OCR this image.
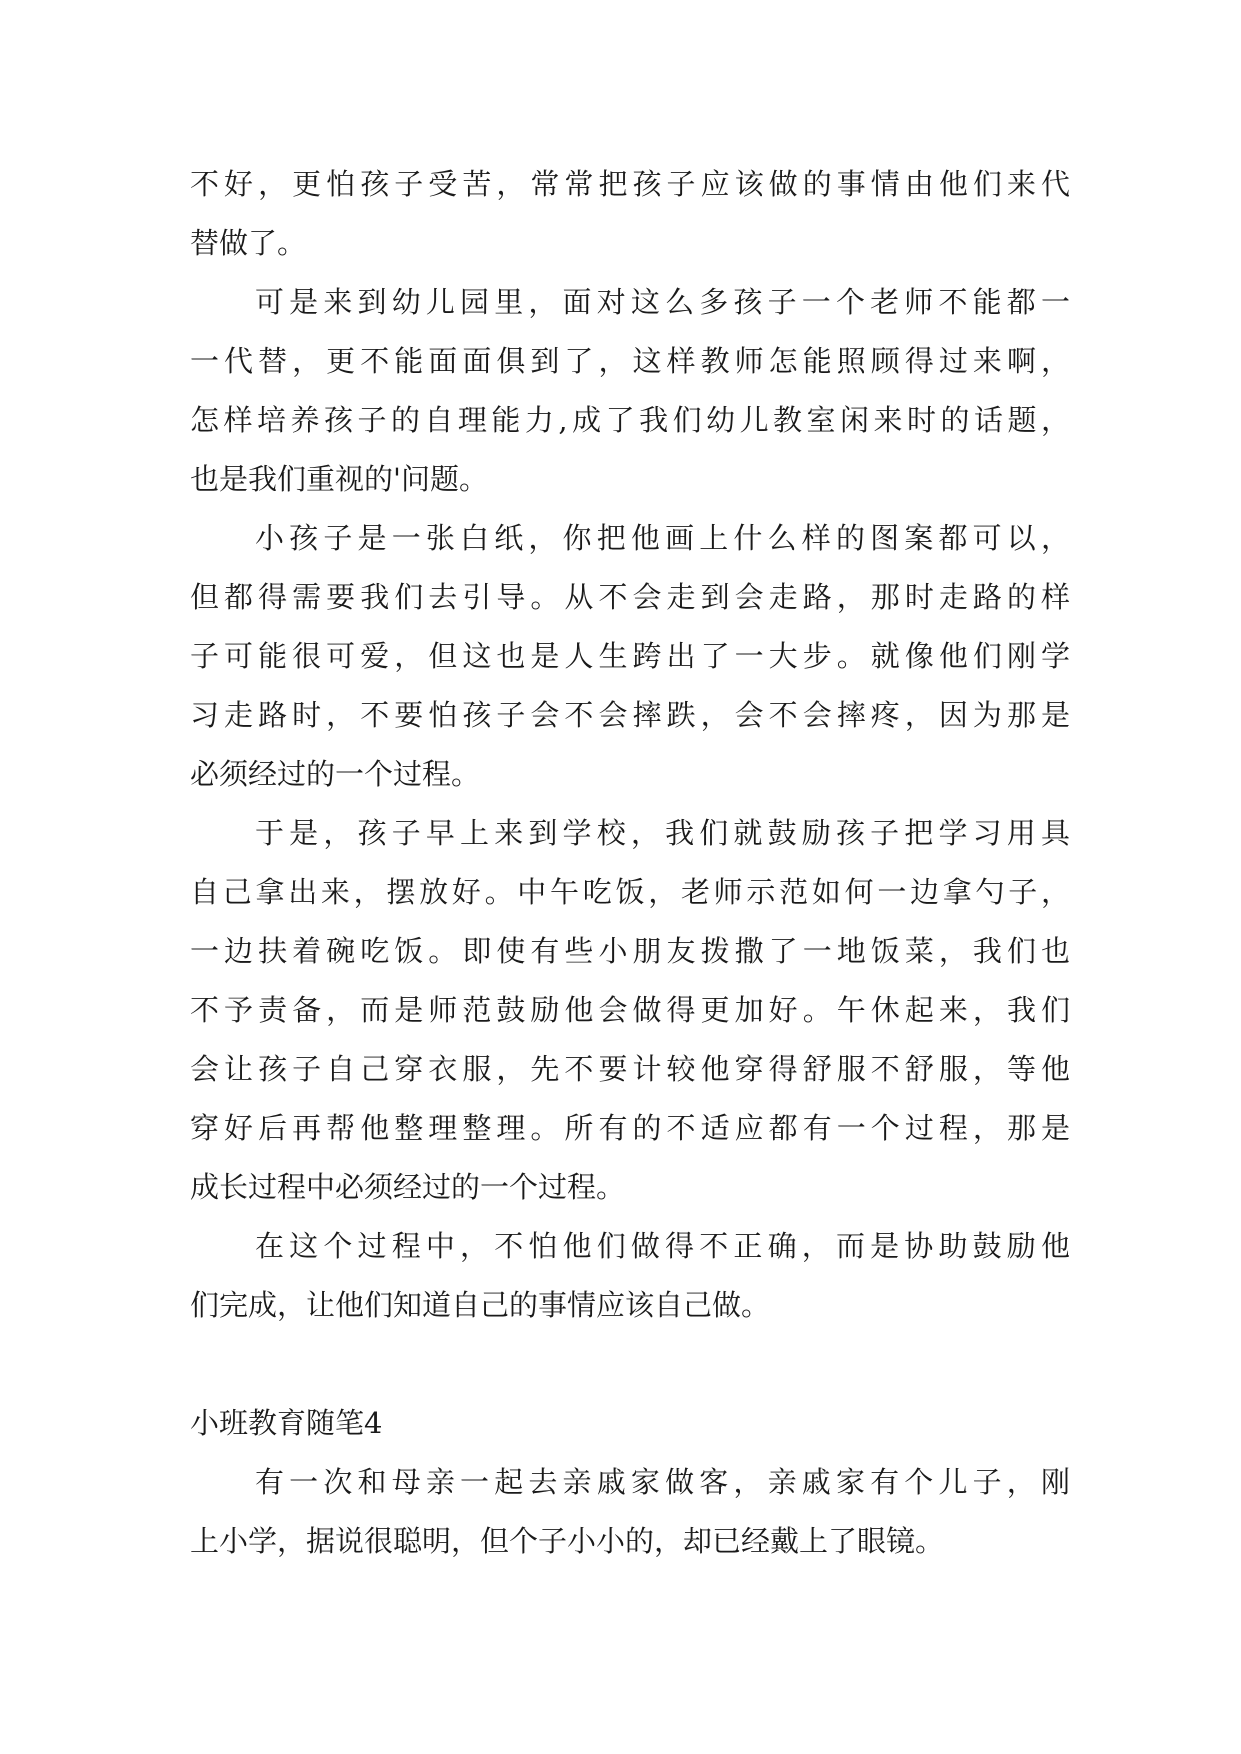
不好，更怕孩子受苦，常常把孩子应该做的事情由他们来代
替做了。
可是来到幼儿园里，面对这么多孩子一个老师不能都一
一代替，更不能面面俱到了，这样教师怎能照顾得过来啊，
怎样培养孩子的自理能力,成了我们幼儿教室闲来时的话题，
也是我们重视的'问题。
小孩子是一张白纸，你把他画上什么样的图案都可以，
但都得需要我们去引导。从不会走到会走路，那时走路的样
子可能很可爱，但这也是人生跨出了一大步。就像他们刚学
习走路时，不要怕孩子会不会摔跌，会不会摔疼，因为那是
必须经过的一个过程。
于是，孩子早上来到学校，我们就鼓励孩子把学习用具
自己拿出来，摆放好。中午吃饭，老师示范如何一边拿勺子，
一边扶着碗吃饭。即使有些小朋友拨撒了一地饭菜，我们也
不予责备，而是师范鼓励他会做得更加好。午休起来，我们
会让孩子自己穿衣服，先不要计较他穿得舒服不舒服，等他
穿好后再帮他整理整理。所有的不适应都有一个过程，那是
成长过程中必须经过的一个过程。
在这个过程中，不怕他们做得不正确，而是协助鼓励他
们完成，让他们知道自己的事情应该自己做。
小班教育随笔4
有一次和母亲一起去亲戚家做客，亲戚家有个儿子，刚
上小学，据说很聪明，但个子小小的，却已经戴上了眼镜。
